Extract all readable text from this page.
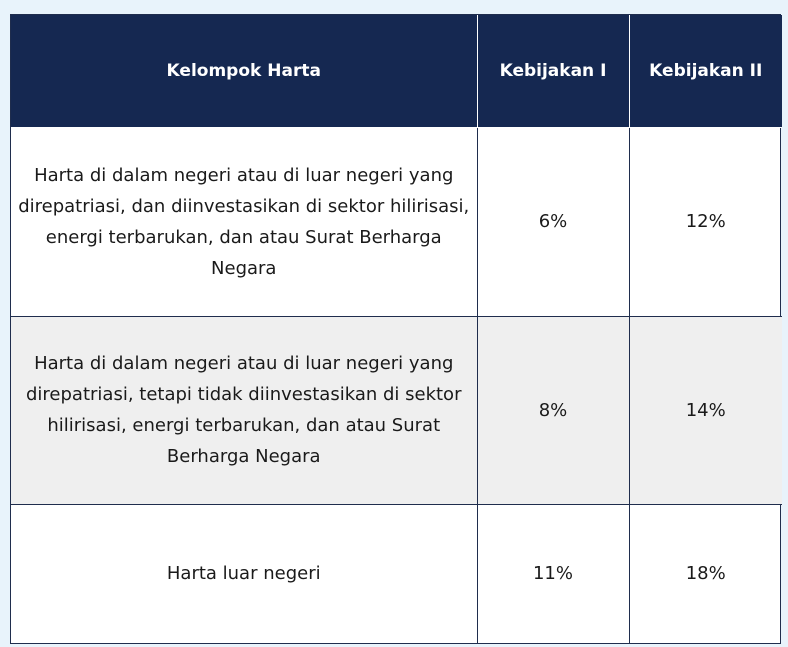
Kelompok Harta	Kebijakan I	Kebijakan II
Harta di dalam negeri atau di luar negeri yang direpatriasi, dan diinvestasikan di sektor hilirisasi, energi terbarukan, dan atau Surat Berharga Negara	6%	12%
Harta di dalam negeri atau di luar negeri yang direpatriasi, tetapi tidak diinvestasikan di sektor hilirisasi, energi terbarukan, dan atau Surat Berharga Negara	8%	14%
Harta luar negeri	11%	18%
